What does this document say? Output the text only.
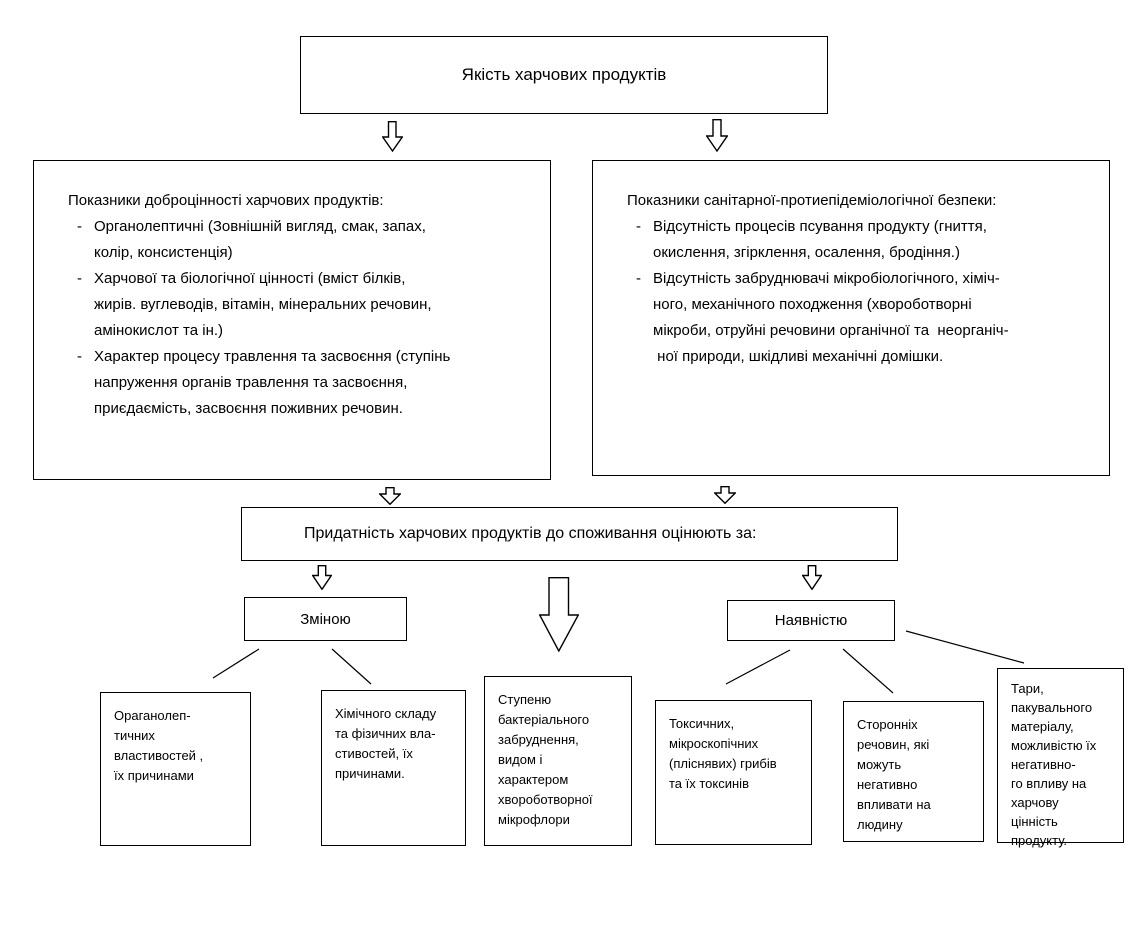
Якість харчових продуктів
Показники доброцінності харчових продуктів:
- Органолептичні (Зовнішній вигляд, смак, запах,
колір, консистенція)
- Харчової та біологічної цінності (вміст білків,
жирів. вуглеводів, вітамін, мінеральних речовин,
амінокислот та ін.)
- Характер процесу травлення та засвоєння (ступінь
напруження органів травлення та засвоєння,
приєдаємість, засвоєння поживних речовин.
Показники санітарної-протиепідеміологічної безпеки:
- Відсутність процесів псування продукту (гниття,
окислення, згірклення, осалення, бродіння.)
- Відсутність забруднювачі мікробіологічного, хіміч-
ного, механічного походження (хвороботворні
мікроби, отруйні речовини органічної та  неорганіч-
ної природи, шкідливі механічні домішки.
Придатність харчових продуктів до споживання оцінюють за:
Зміною	Наявністю
Ораганолеп-
тичних
властивостей ,
їх причинами
Хімічного складу
та фізичних вла-
стивостей, їх
причинами.
Ступеню
бактеріального
забруднення,
видом і
характером
хвороботворної
мікрофлори
Токсичних,
мікроскопічних
(пліснявих) грибів
та їх токсинів
Сторонніх
речовин, які
можуть
негативно
впливати на
людину
Тари,
пакувального
матеріалу,
можливістю їх
негативно-
го впливу на
харчову
цінність
продукту.
